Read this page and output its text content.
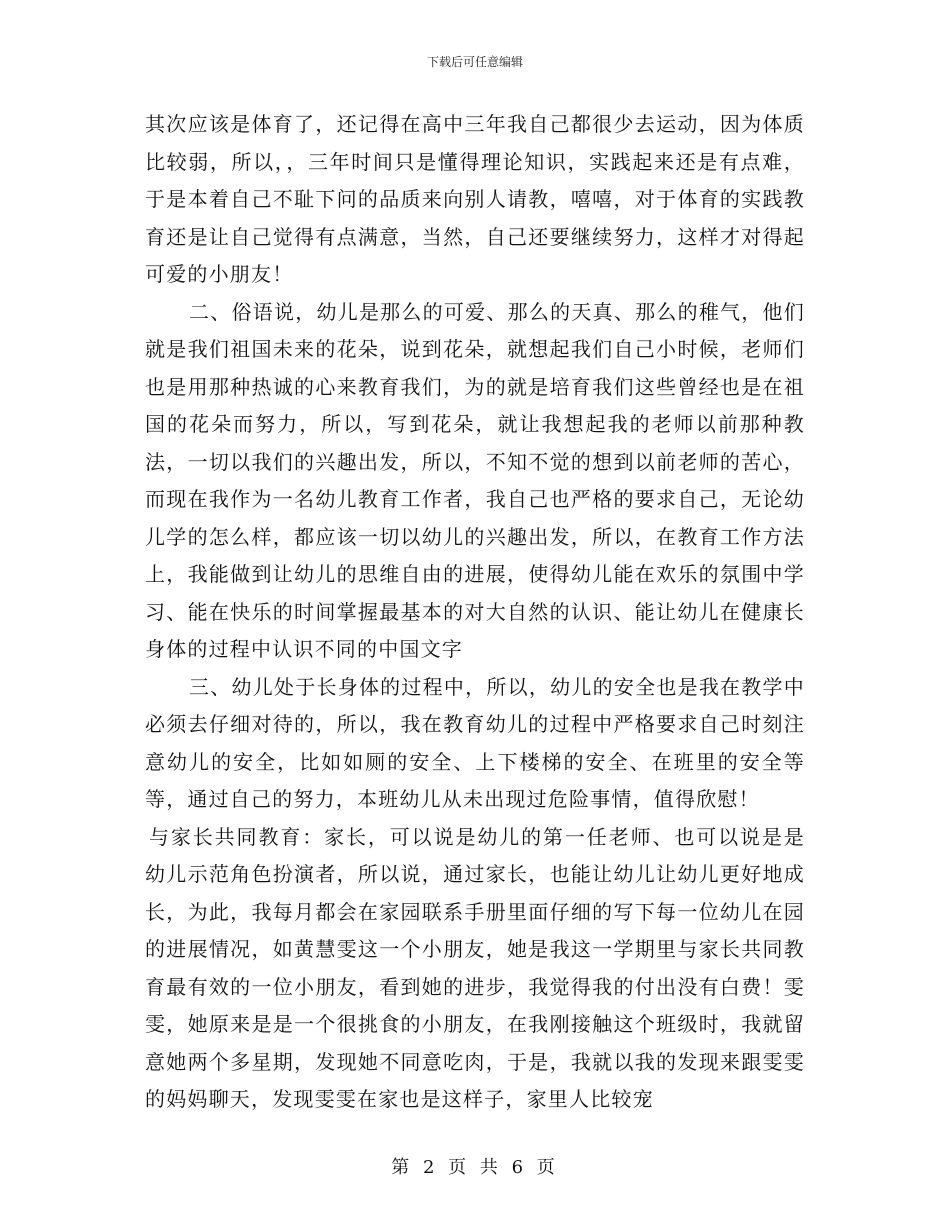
下载后可任意编辑

其次应该是体育了，还记得在高中三年我自己都很少去运动，因为体质比较弱，所以，，三年时间只是懂得理论知识，实践起来还是有点难，于是本着自己不耻下问的品质来向别人请教，嘻嘻，对于体育的实践教育还是让自己觉得有点满意，当然，自己还要继续努力，这样才对得起可爱的小朋友！

二、俗语说，幼儿是那么的可爱、那么的天真、那么的稚气，他们就是我们祖国未来的花朵，说到花朵，就想起我们自己小时候，老师们也是用那种热诚的心来教育我们，为的就是培育我们这些曾经也是在祖国的花朵而努力，所以，写到花朵，就让我想起我的老师以前那种教法，一切以我们的兴趣出发，所以，不知不觉的想到以前老师的苦心，而现在我作为一名幼儿教育工作者，我自己也严格的要求自己，无论幼儿学的怎么样，都应该一切以幼儿的兴趣出发，所以，在教育工作方法上，我能做到让幼儿的思维自由的进展，使得幼儿能在欢乐的氛围中学习、能在快乐的时间掌握最基本的对大自然的认识、能让幼儿在健康长身体的过程中认识不同的中国文字

三、幼儿处于长身体的过程中，所以，幼儿的安全也是我在教学中必须去仔细对待的，所以，我在教育幼儿的过程中严格要求自己时刻注意幼儿的安全，比如如厕的安全、上下楼梯的安全、在班里的安全等等，通过自己的努力，本班幼儿从未出现过危险事情，值得欣慰！

与家长共同教育：家长，可以说是幼儿的第一任老师、也可以说是是幼儿示范角色扮演者，所以说，通过家长，也能让幼儿让幼儿更好地成长，为此，我每月都会在家园联系手册里面仔细的写下每一位幼儿在园的进展情况，如黄慧雯这一个小朋友，她是我这一学期里与家长共同教育最有效的一位小朋友，看到她的进步，我觉得我的付出没有白费！雯雯，她原来是是一个很挑食的小朋友，在我刚接触这个班级时，我就留意她两个多星期，发现她不同意吃肉，于是，我就以我的发现来跟雯雯的妈妈聊天，发现雯雯在家也是这样子，家里人比较宠

第 2 页 共 6 页
